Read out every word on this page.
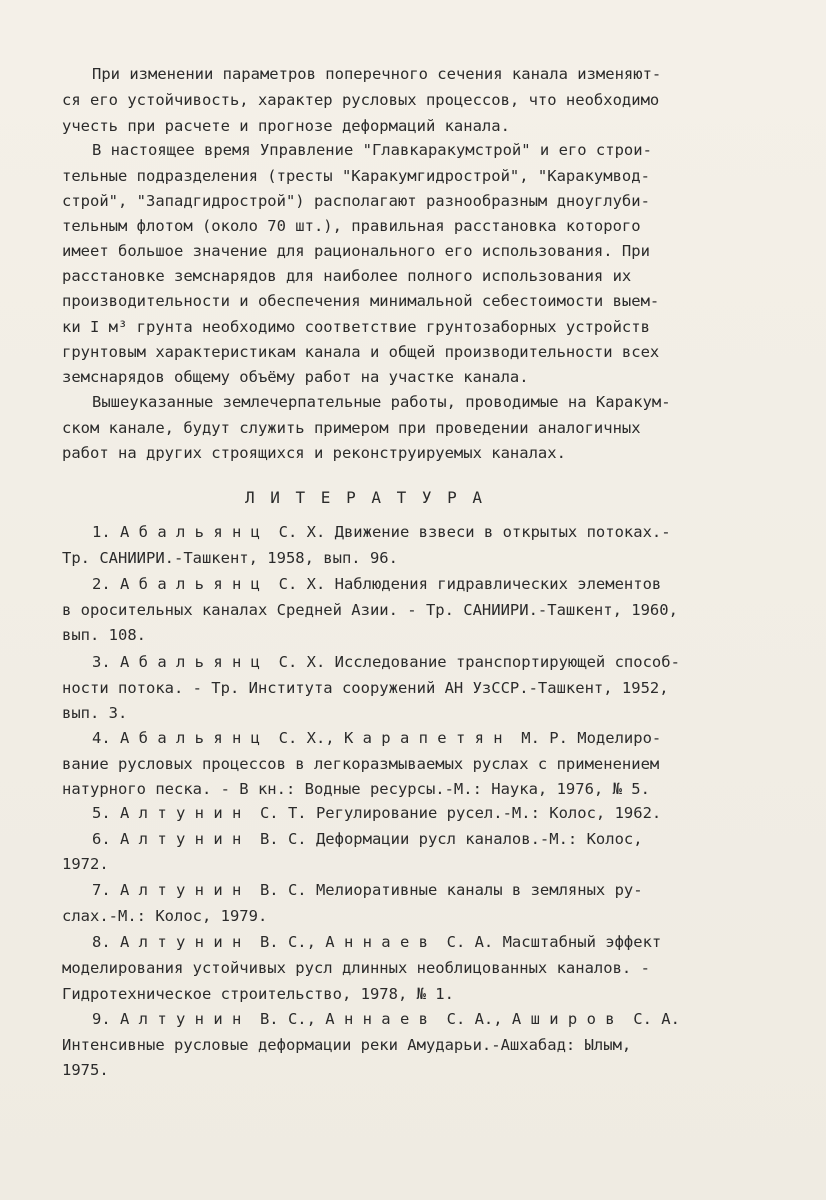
При изменении параметров поперечного сечения канала изменяют-
ся его устойчивость, характер русловых процессов, что необходимо
учесть при расчете и прогнозе деформаций канала.
В настоящее время Управление "Главкаракумстрой" и его строи-
тельные подразделения (тресты "Каракумгидрострой", "Каракумвод-
строй", "Западгидрострой") располагают разнообразным дноуглуби-
тельным флотом (около 70 шт.), правильная расстановка которого
имеет большое значение для рационального его использования. При
расстановке земснарядов для наиболее полного использования их
производительности и обеспечения минимальной себестоимости выем-
ки I м³ грунта необходимо соответствие грунтозаборных устройств
грунтовым характеристикам канала и общей производительности всех
земснарядов общему объёму работ на участке канала.
Вышеуказанные землечерпательные работы, проводимые на Каракум-
ском канале, будут служить примером при проведении аналогичных
работ на других строящихся и реконструируемых каналах.
Л И Т Е Р А Т У Р А
1. А б а л ь я н ц  С. Х. Движение взвеси в открытых потоках.-
Тр. САНИИРИ.-Ташкент, 1958, вып. 96.
2. А б а л ь я н ц  С. Х. Наблюдения гидравлических элементов
в оросительных каналах Средней Азии. - Тр. САНИИРИ.-Ташкент, 1960,
вып. 108.
3. А б а л ь я н ц  С. Х. Исследование транспортирующей способ-
ности потока. - Тр. Института сооружений АН УзССР.-Ташкент, 1952,
вып. 3.
4. А б а л ь я н ц  С. Х., К а р а п е т я н  М. Р. Моделиро-
вание русловых процессов в легкоразмываемых руслах с применением
натурного песка. - В кн.: Водные ресурсы.-М.: Наука, 1976, № 5.
5. А л т у н и н  С. Т. Регулирование русел.-М.: Колос, 1962.
6. А л т у н и н  В. С. Деформации русл каналов.-М.: Колос,
1972.
7. А л т у н и н  В. С. Мелиоративные каналы в земляных ру-
слах.-М.: Колос, 1979.
8. А л т у н и н  В. С., А н н а е в  С. А. Масштабный эффект
моделирования устойчивых русл длинных необлицованных каналов. -
Гидротехническое строительство, 1978, № 1.
9. А л т у н и н  В. С., А н н а е в  С. А., А ш и р о в  С. А.
Интенсивные русловые деформации реки Амударьи.-Ашхабад: Ылым,
1975.
